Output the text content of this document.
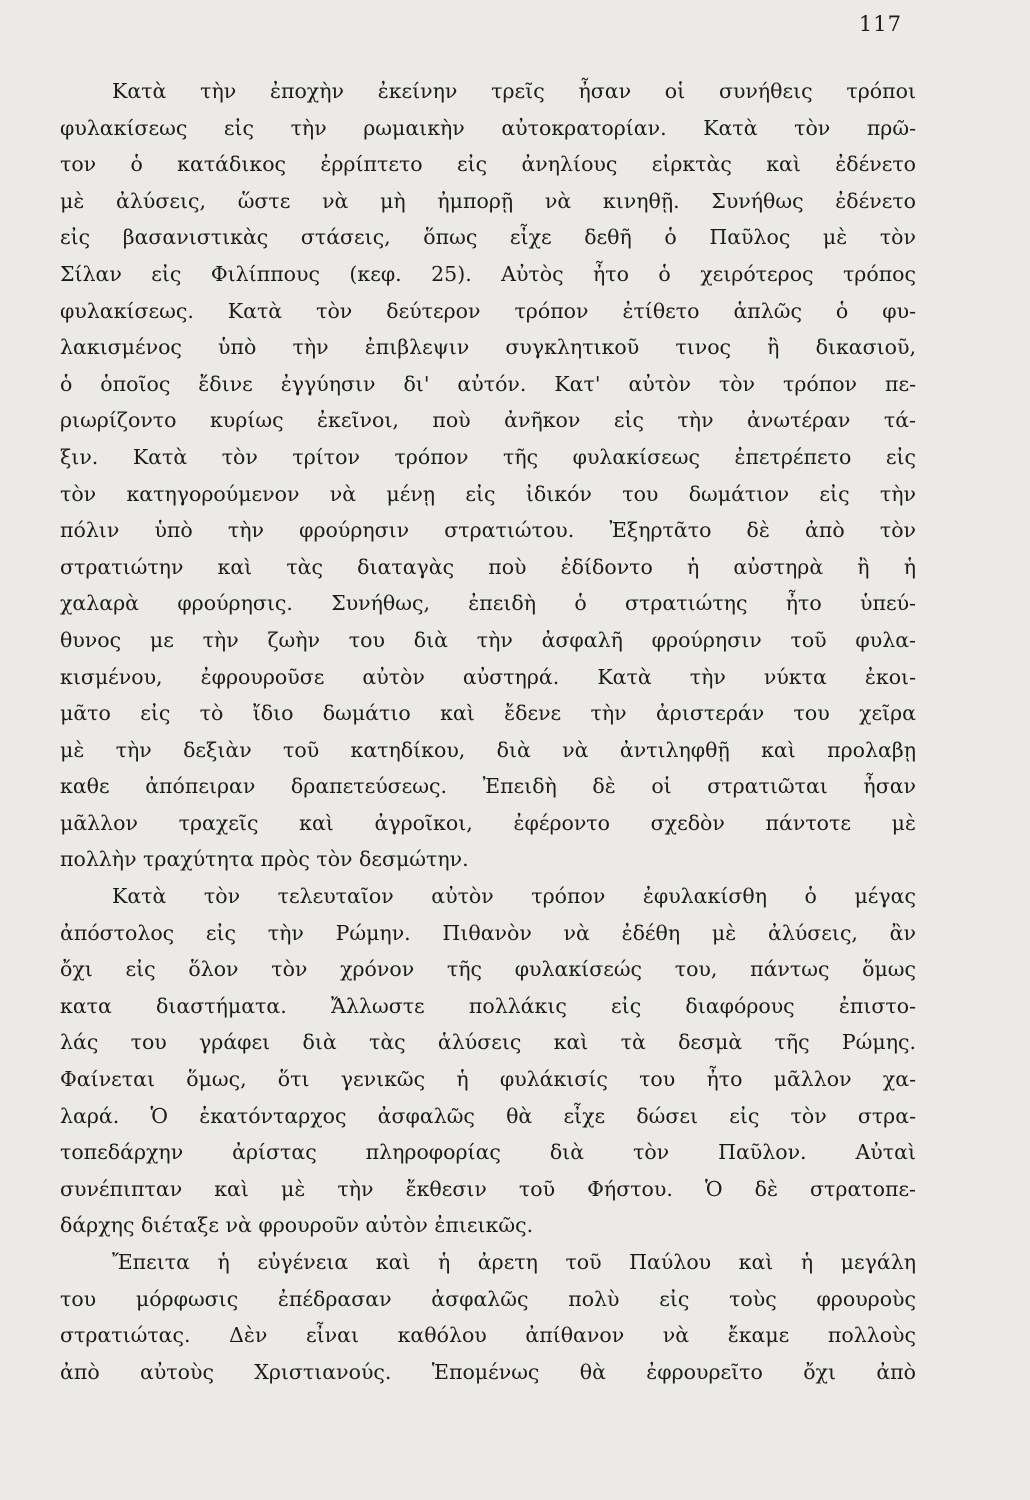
117
Κατὰ τὴν ἐποχὴν ἐκείνην τρεῖς ἦσαν οἱ συνήθεις τρόποι
φυλακίσεως εἰς τὴν ρωμαικὴν αὐτοκρατορίαν. Κατὰ τὸν πρῶ-
τον ὁ κατάδικος ἐρρίπτετο εἰς ἀνηλίους εἰρκτὰς καὶ ἐδένετο
μὲ ἀλύσεις, ὥστε νὰ μὴ ἠμπορῇ νὰ κινηθῇ. Συνήθως ἐδένετο
εἰς βασανιστικὰς στάσεις, ὅπως εἶχε δεθῆ ὁ Παῦλος μὲ τὸν
Σίλαν εἰς Φιλίππους (κεφ. 25). Αὐτὸς ἦτο ὁ χειρότερος τρόπος
φυλακίσεως. Κατὰ τὸν δεύτερον τρόπον ἐτίθετο ἁπλῶς ὁ φυ-
λακισμένος ὑπὸ τὴν ἐπιβλεψιν συγκλητικοῦ τινος ἢ δικασιοῦ,
ὁ ὁποῖος ἔδινε ἐγγύησιν δι' αὐτόν. Κατ' αὐτὸν τὸν τρόπον πε-
ριωρίζοντο κυρίως ἐκεῖνοι, ποὺ ἀνῆκον εἰς τὴν ἀνωτέραν τά-
ξιν. Κατὰ τὸν τρίτον τρόπον τῆς φυλακίσεως ἐπετρέπετο εἰς
τὸν κατηγορούμενον νὰ μένῃ εἰς ἰδικόν του δωμάτιον εἰς τὴν
πόλιν ὑπὸ τὴν φρούρησιν στρατιώτου. Ἐξηρτᾶτο δὲ ἀπὸ τὸν
στρατιώτην καὶ τὰς διαταγὰς ποὺ ἐδίδοντο ἡ αὐστηρὰ ἢ ἡ
χαλαρὰ φρούρησις. Συνήθως, ἐπειδὴ ὁ στρατιώτης ἦτο ὑπεύ-
θυνος με τὴν ζωὴν του διὰ τὴν ἀσφαλῆ φρούρησιν τοῦ φυλα-
κισμένου, ἐφρουροῦσε αὐτὸν αὐστηρά. Κατὰ τὴν νύκτα ἐκοι-
μᾶτο εἰς τὸ ἴδιο δωμάτιο καὶ ἔδενε τὴν ἀριστεράν του χεῖρα
μὲ τὴν δεξιὰν τοῦ κατηδίκου, διὰ νὰ ἀντιληφθῇ καὶ προλαβῃ
καθε ἀπόπειραν δραπετεύσεως. Ἐπειδὴ δὲ οἱ στρατιῶται ἦσαν
μᾶλλον τραχεῖς καὶ ἀγροῖκοι, ἐφέροντο σχεδὸν πάντοτε μὲ
πολλὴν τραχύτητα πρὸς τὸν δεσμώτην.
Κατὰ τὸν τελευταῖον αὐτὸν τρόπον ἐφυλακίσθη ὁ μέγας
ἀπόστολος εἰς τὴν Ρώμην. Πιθανὸν νὰ ἐδέθη μὲ ἀλύσεις, ἂν
ὄχι εἰς ὅλον τὸν χρόνον τῆς φυλακίσεώς του, πάντως ὅμως
κατα διαστήματα. Ἄλλωστε πολλάκις εἰς διαφόρους ἐπιστο-
λάς του γράφει διὰ τὰς ἁλύσεις καὶ τὰ δεσμὰ τῆς Ρώμης.
Φαίνεται ὅμως, ὅτι γενικῶς ἡ φυλάκισίς του ἦτο μᾶλλον χα-
λαρά. Ὁ ἑκατόνταρχος ἀσφαλῶς θὰ εἶχε δώσει εἰς τὸν στρα-
τοπεδάρχην ἀρίστας πληροφορίας διὰ τὸν Παῦλον. Αὐταὶ
συνέπιπταν καὶ μὲ τὴν ἔκθεσιν τοῦ Φήστου. Ὁ δὲ στρατοπε-
δάρχης διέταξε νὰ φρουροῦν αὐτὸν ἐπιεικῶς.
Ἔπειτα ἡ εὐγένεια καὶ ἡ ἀρετη τοῦ Παύλου καὶ ἡ μεγάλη
του μόρφωσις ἐπέδρασαν ἀσφαλῶς πολὺ εἰς τοὺς φρουροὺς
στρατιώτας. Δὲν εἶναι καθόλου ἀπίθανον νὰ ἔκαμε πολλοὺς
ἀπὸ αὐτοὺς Χριστιανούς. Ἑπομένως θὰ ἐφρουρεῖτο ὄχι ἀπὸ
